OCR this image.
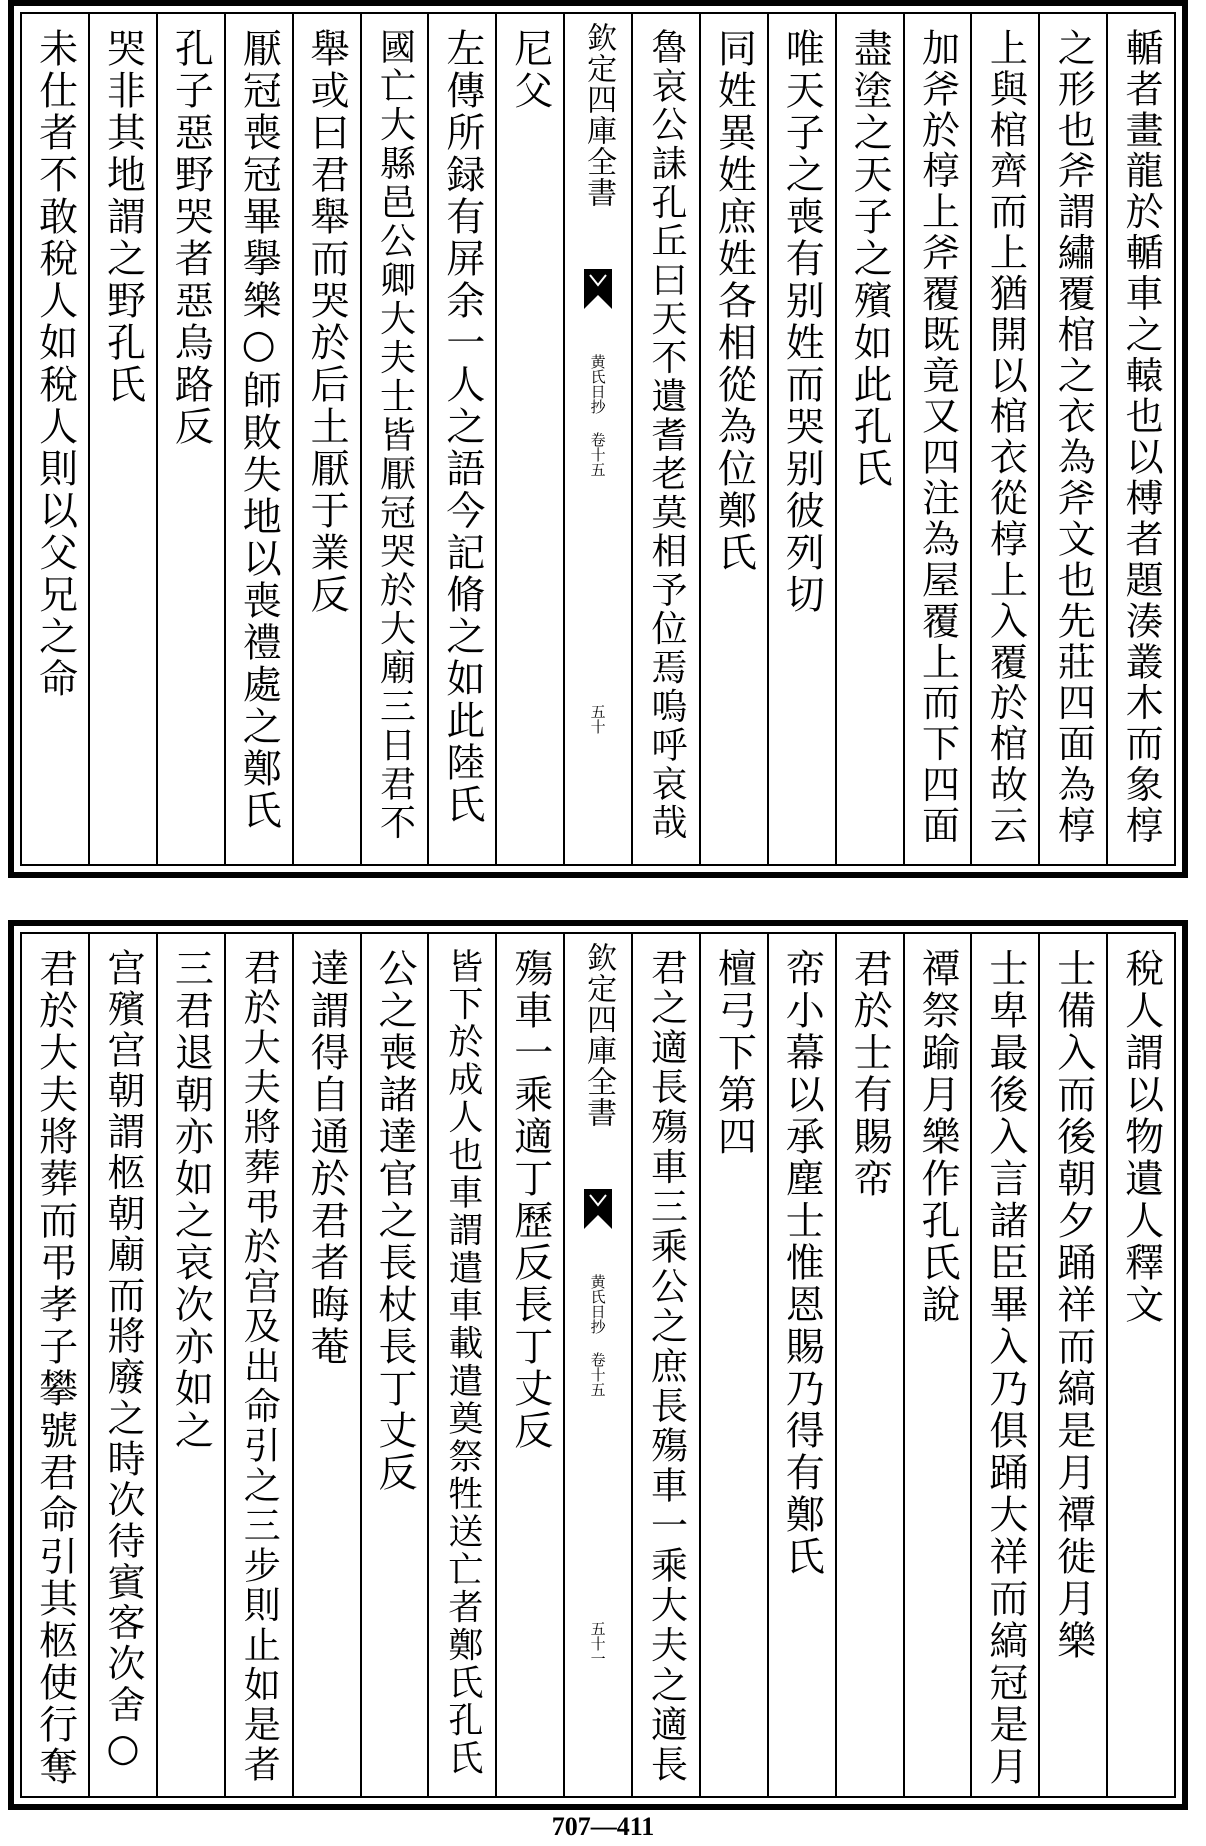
輴者畫龍於輴車之轅也以榑者題湊叢木而象椁
之形也斧謂繡覆棺之衣為斧文也先莊四面為椁
上與棺齊而上猶開以棺衣從椁上入覆於棺故云
加斧於椁上斧覆既竟又四注為屋覆上而下四面
盡塗之天子之殯如此孔氏
唯天子之喪有别姓而哭别彼列切
同姓異姓庶姓各相從為位鄭氏
魯哀公誄孔丘曰天不遺耆老莫相予位焉嗚呼哀哉
欽定四庫全書
黄氏日抄 卷十五
五十
尼父
左傳所録有屏余一人之語今記脩之如此陸氏
國亡大縣邑公卿大夫士皆厭冠哭於大廟三日君不
舉或曰君舉而哭於后土厭于業反
厭冠喪冠畢擧樂○師敗失地以喪禮處之鄭氏
孔子惡野哭者惡烏路反
哭非其地謂之野孔氏
未仕者不敢稅人如稅人則以父兄之命
稅人謂以物遺人釋文
士備入而後朝夕踊祥而縞是月禫徙月樂
士卑最後入言諸臣畢入乃俱踊大祥而縞冠是月
禫祭踰月樂作孔氏說
君於士有賜帟
帟小幕以承塵士惟恩賜乃得有鄭氏
檀弓下第四
君之適長殤車三乘公之庶長殤車一乘大夫之適長
欽定四庫全書
黄氏日抄 卷十五
五十一
殤車一乘適丁歷反長丁丈反
皆下於成人也車謂遣車載遣奠祭牲送亡者鄭氏孔氏
公之喪諸達官之長杖長丁丈反
達謂得自通於君者晦菴
君於大夫將葬弔於宫及出命引之三步則止如是者
三君退朝亦如之哀次亦如之
宫殯宫朝謂柩朝廟而將廢之時次待賓客次舍○
君於大夫將葬而弔孝子攀號君命引其柩使行奪
707—411
